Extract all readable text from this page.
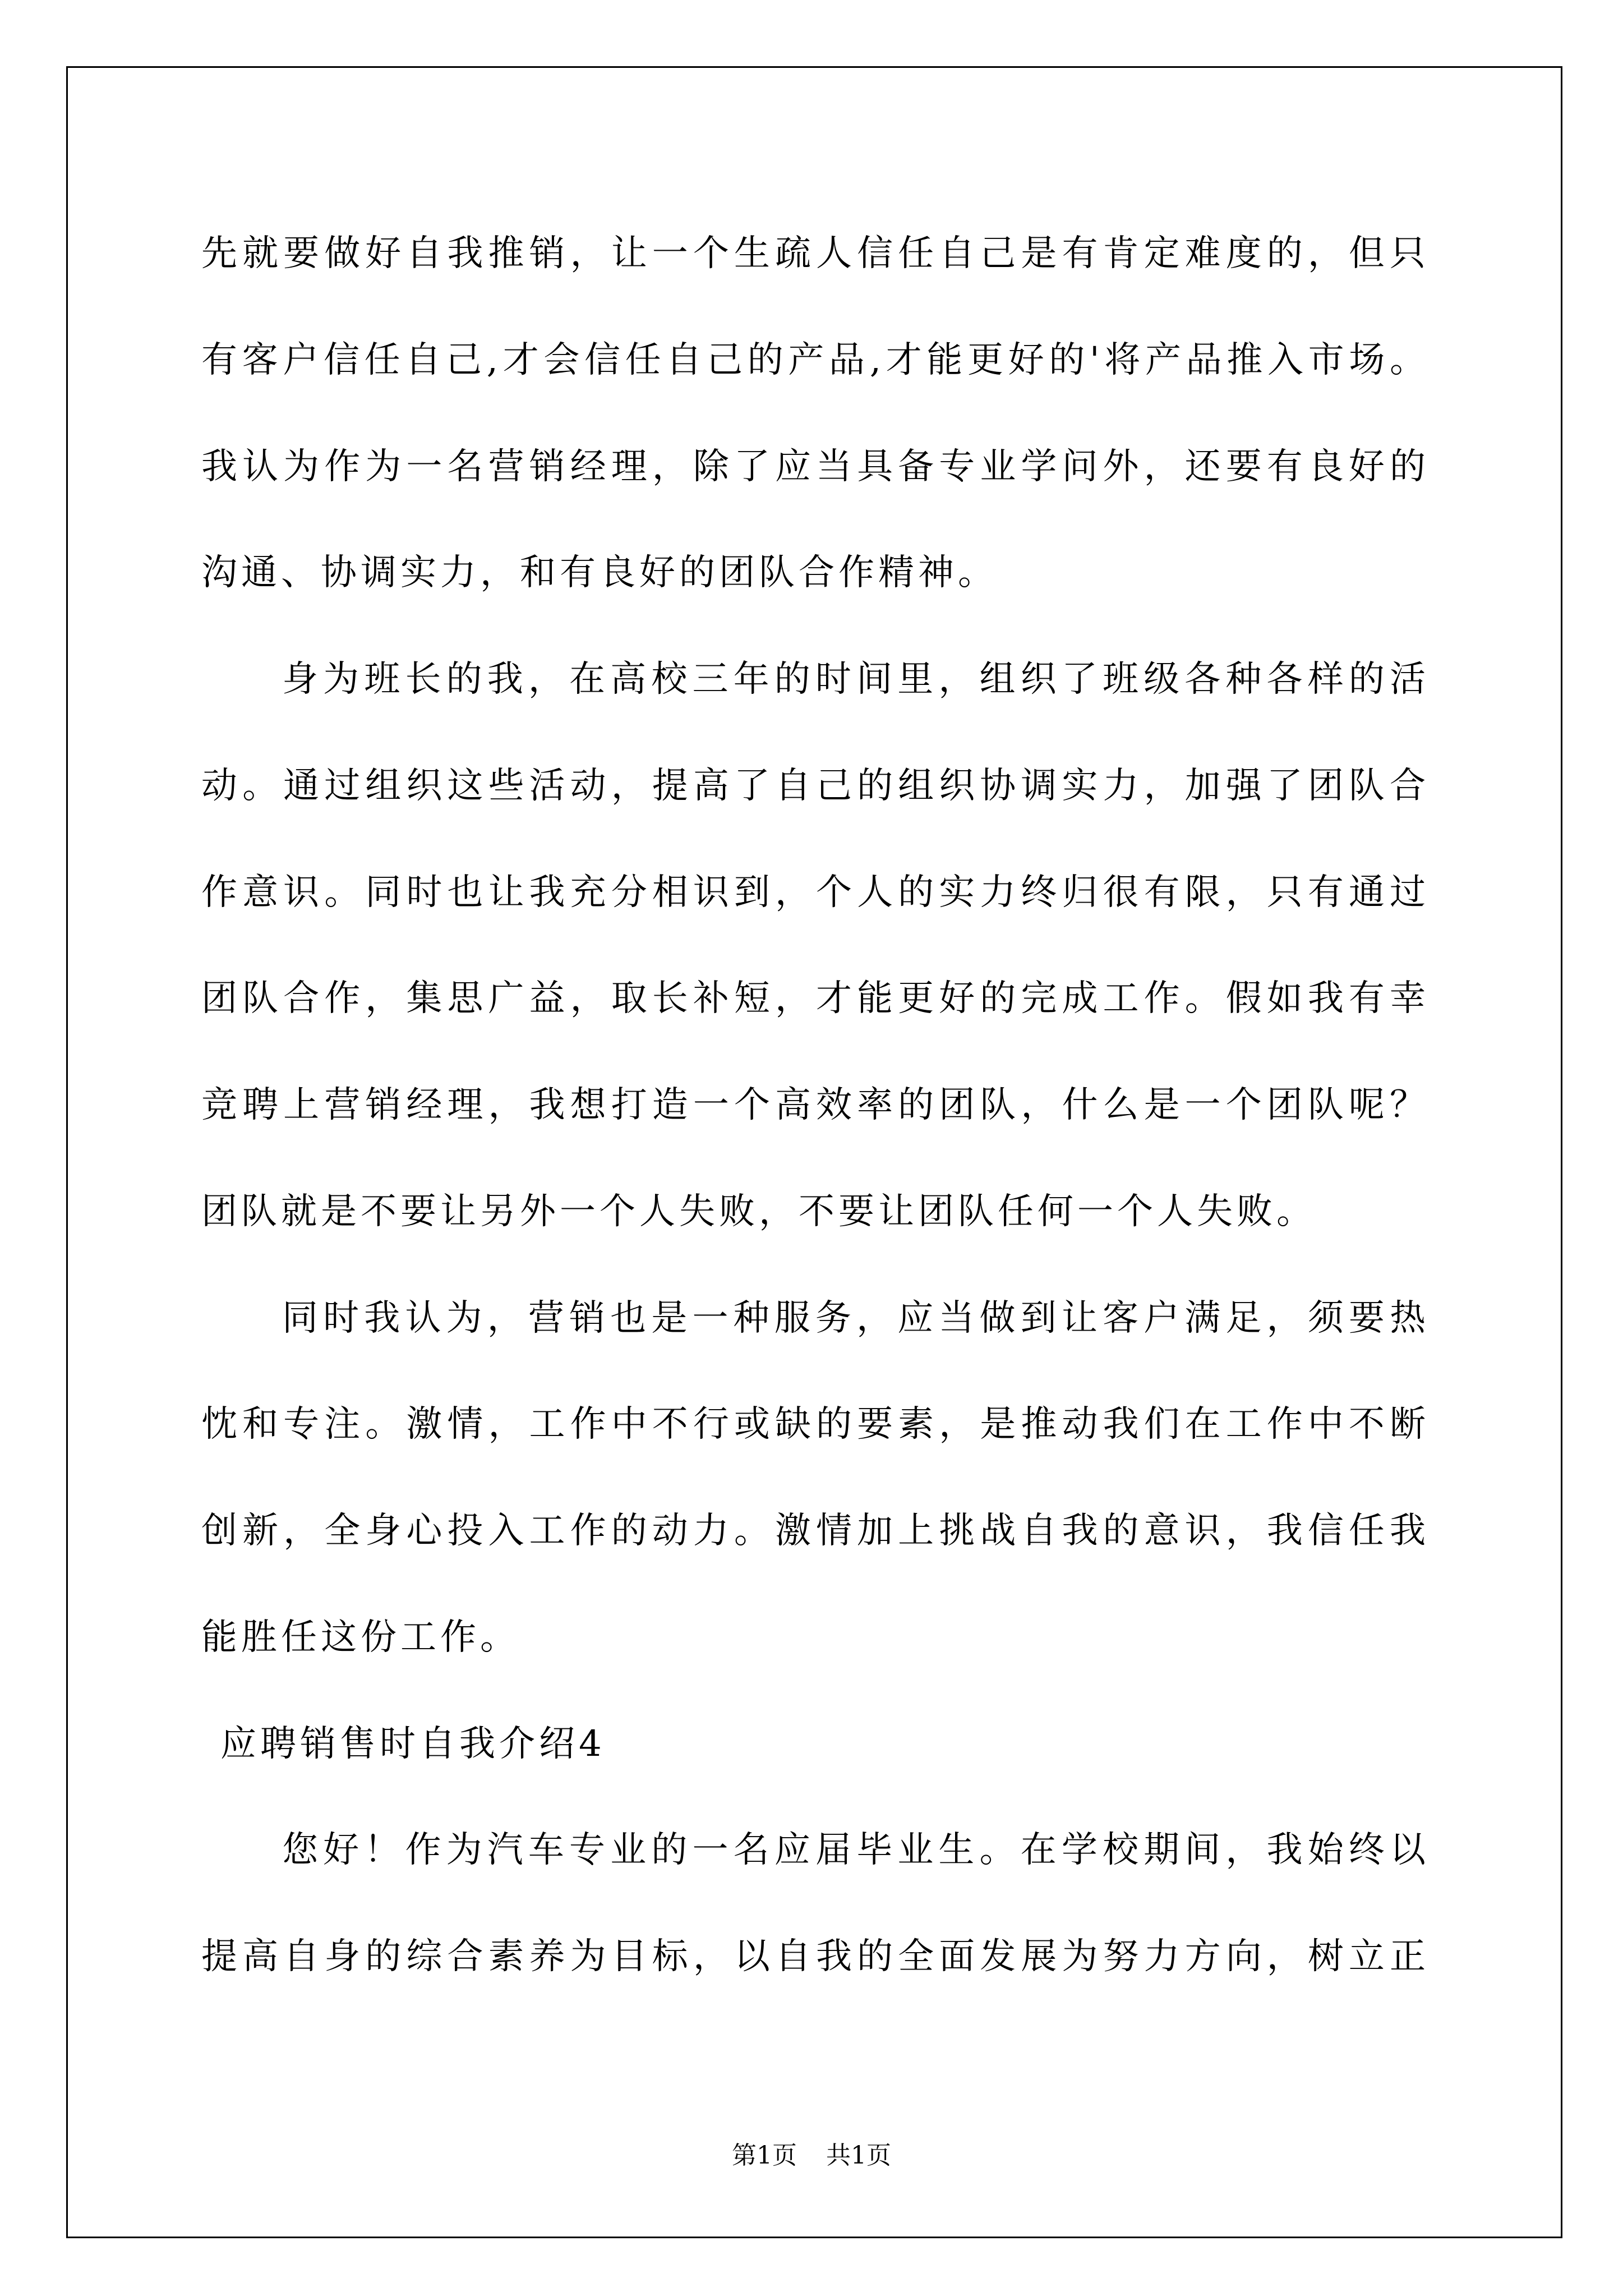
先就要做好自我推销，让一个生疏人信任自己是有肯定难度的，但只
有客户信任自己,才会信任自己的产品,才能更好的'将产品推入市场。
我认为作为一名营销经理，除了应当具备专业学问外，还要有良好的
沟通、协调实力，和有良好的团队合作精神。
身为班长的我，在高校三年的时间里，组织了班级各种各样的活
动。通过组织这些活动，提高了自己的组织协调实力，加强了团队合
作意识。同时也让我充分相识到，个人的实力终归很有限，只有通过
团队合作，集思广益，取长补短，才能更好的完成工作。假如我有幸
竞聘上营销经理，我想打造一个高效率的团队，什么是一个团队呢？
团队就是不要让另外一个人失败，不要让团队任何一个人失败。
同时我认为，营销也是一种服务，应当做到让客户满足，须要热
忱和专注。激情，工作中不行或缺的要素，是推动我们在工作中不断
创新，全身心投入工作的动力。激情加上挑战自我的意识，我信任我
能胜任这份工作。
应聘销售时自我介绍4
您好！作为汽车专业的一名应届毕业生。在学校期间，我始终以
提高自身的综合素养为目标，以自我的全面发展为努力方向，树立正
第1页 共1页
